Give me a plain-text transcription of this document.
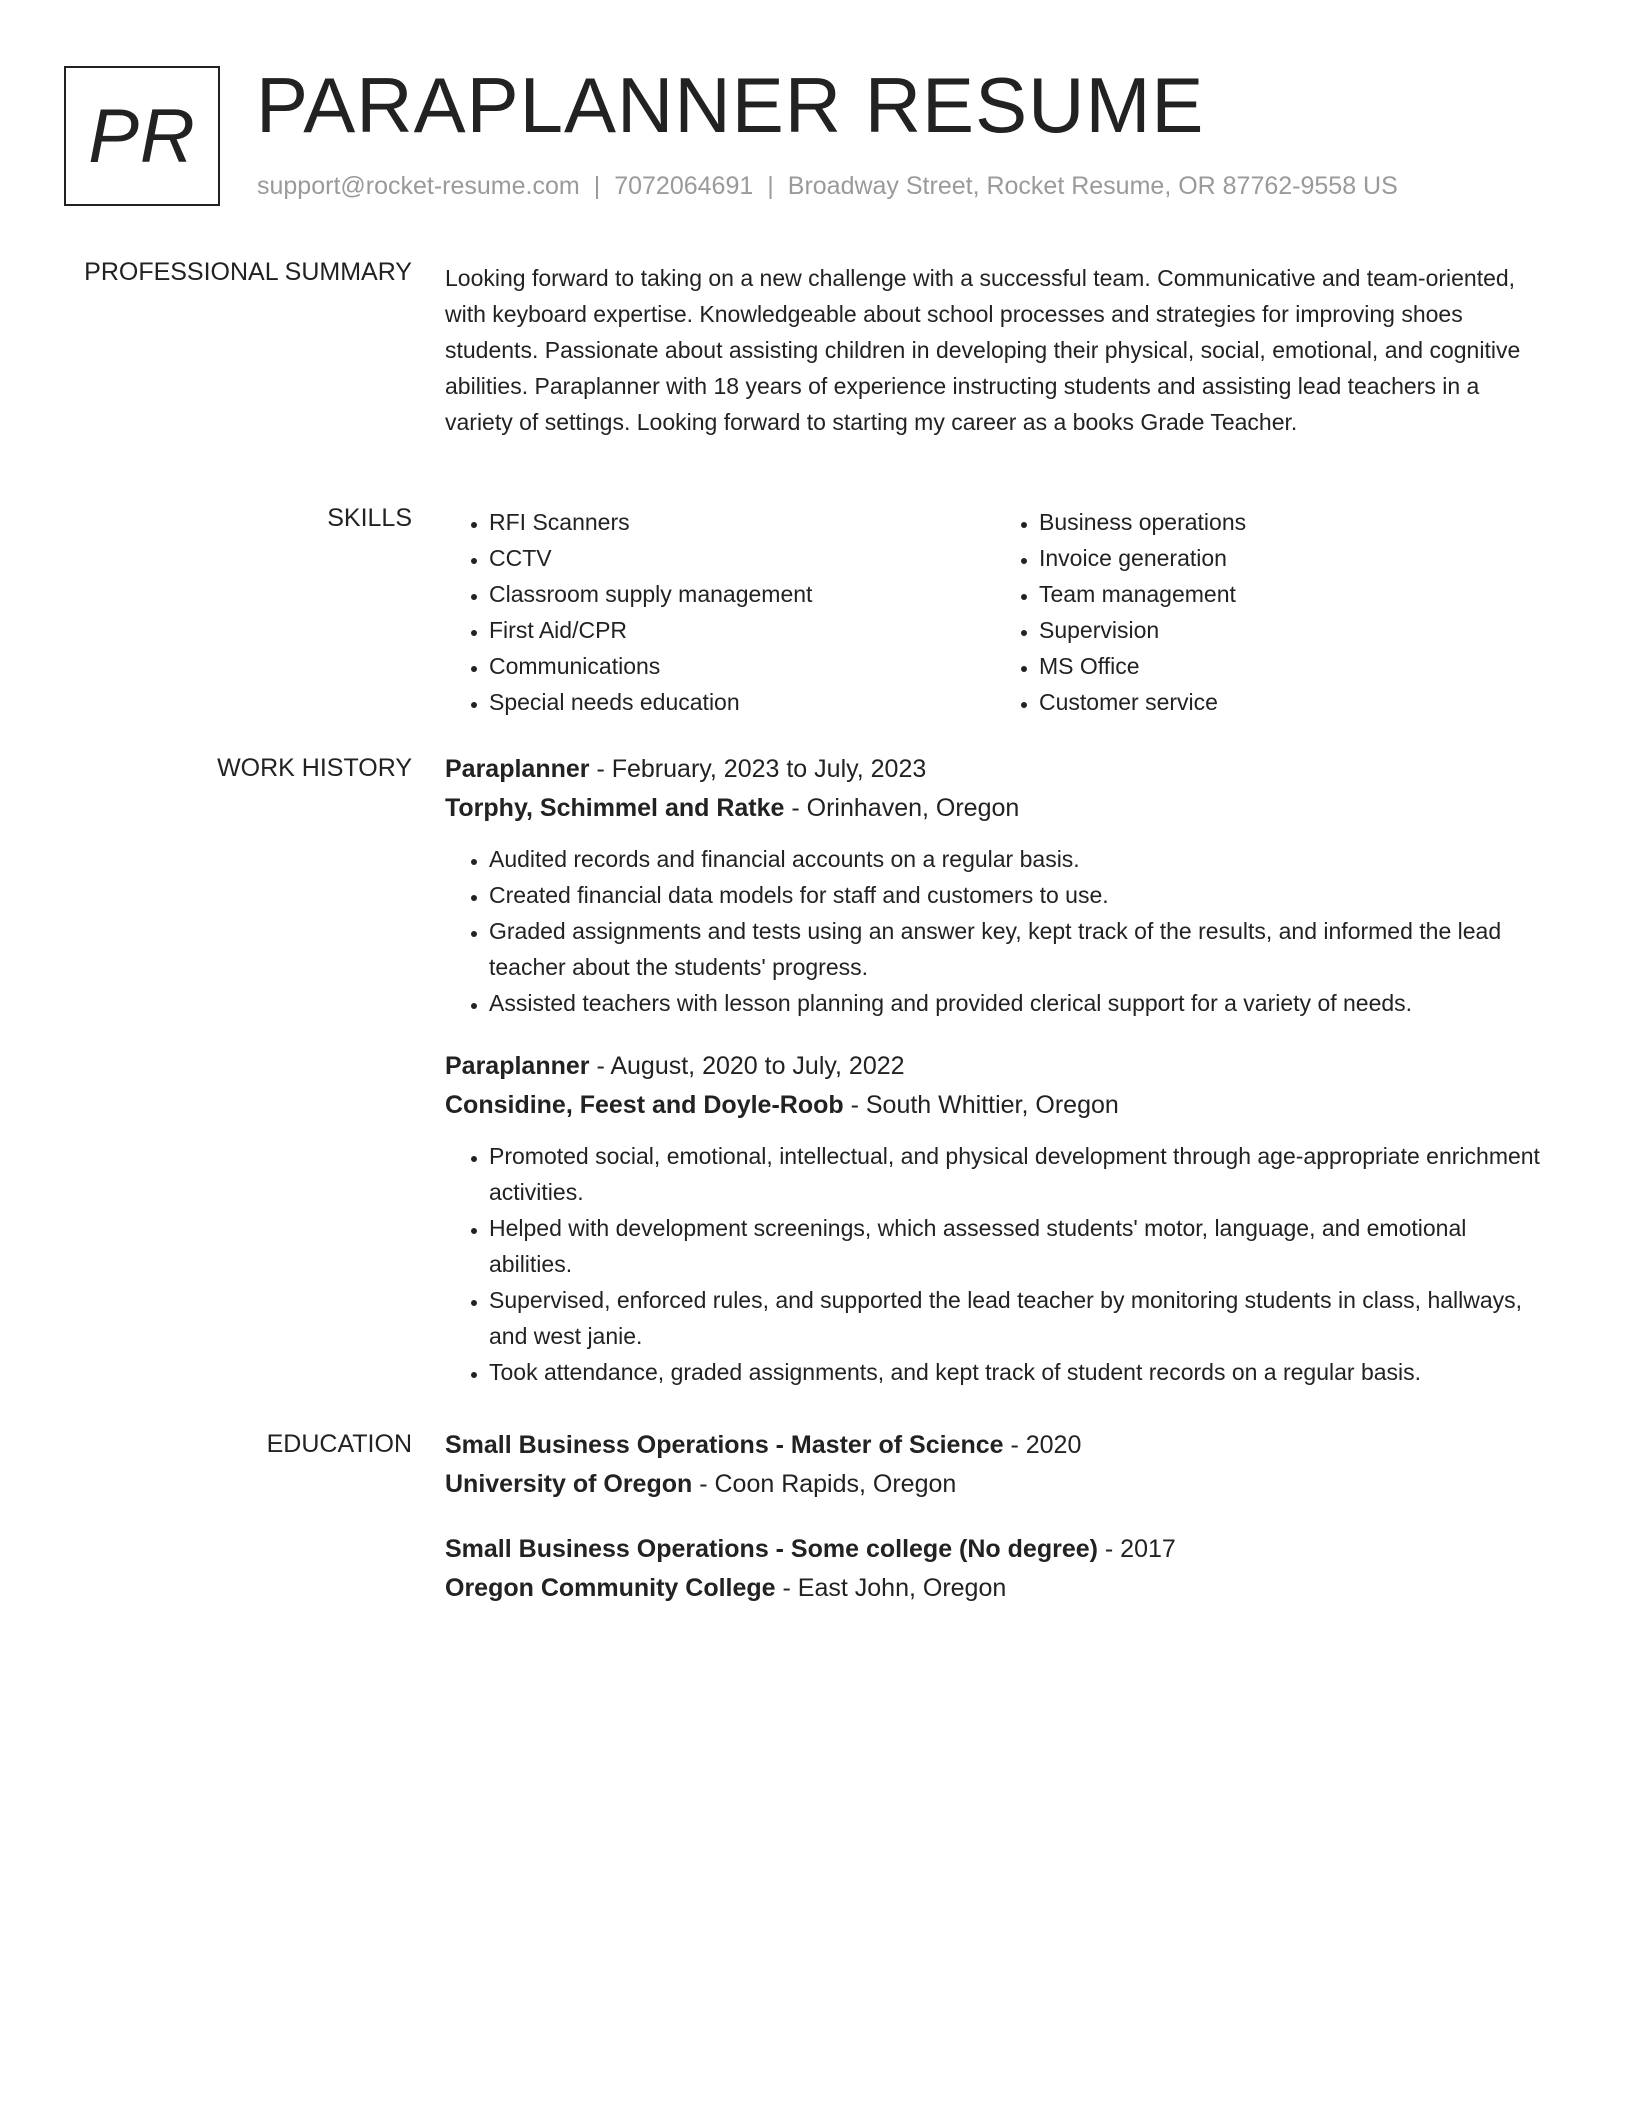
PR PARAPLANNER RESUME
support@rocket-resume.com | 7072064691 | Broadway Street, Rocket Resume, OR 87762-9558 US
PROFESSIONAL SUMMARY Looking forward to taking on a new challenge with a successful team. Communicative and team-oriented, with keyboard expertise. Knowledgeable about school processes and strategies for improving shoes students. Passionate about assisting children in developing their physical, social, emotional, and cognitive abilities. Paraplanner with 18 years of experience instructing students and assisting lead teachers in a variety of settings. Looking forward to starting my career as a books Grade Teacher.

SKILLS
•	RFI Scanners
• CCTV
• Classroom supply management
• First Aid/CPR
• Communications
• Special needs education
• Business operations
• Invoice generation
• Team management
• Supervision
• MS Office
• Customer service
WORK HISTORY Paraplanner - February, 2023 to July, 2023
Torphy, Schimmel and Ratke - Orinhaven, Oregon
• Audited records and financial accounts on a regular basis.
• Created financial data models for staff and customers to use.
• Graded assignments and tests using an answer key, kept track of the results, and informed the lead teacher about the students' progress.
• Assisted teachers with lesson planning and provided clerical support for a variety of needs.
Paraplanner - August, 2020 to July, 2022
Considine, Feest and Doyle-Roob - South Whittier, Oregon
• Promoted social, emotional, intellectual, and physical development through age-appropriate enrichment activities.
• Helped with development screenings, which assessed students' motor, language, and emotional abilities.
• Supervised, enforced rules, and supported the lead teacher by monitoring students in class, hallways, and west janie.
• Took attendance, graded assignments, and kept track of student records on a regular basis.
EDUCATION Small Business Operations - Master of Science - 2020
University of Oregon - Coon Rapids, Oregon
Small Business Operations - Some college (No degree) - 2017
Oregon Community College - East John, Oregon
